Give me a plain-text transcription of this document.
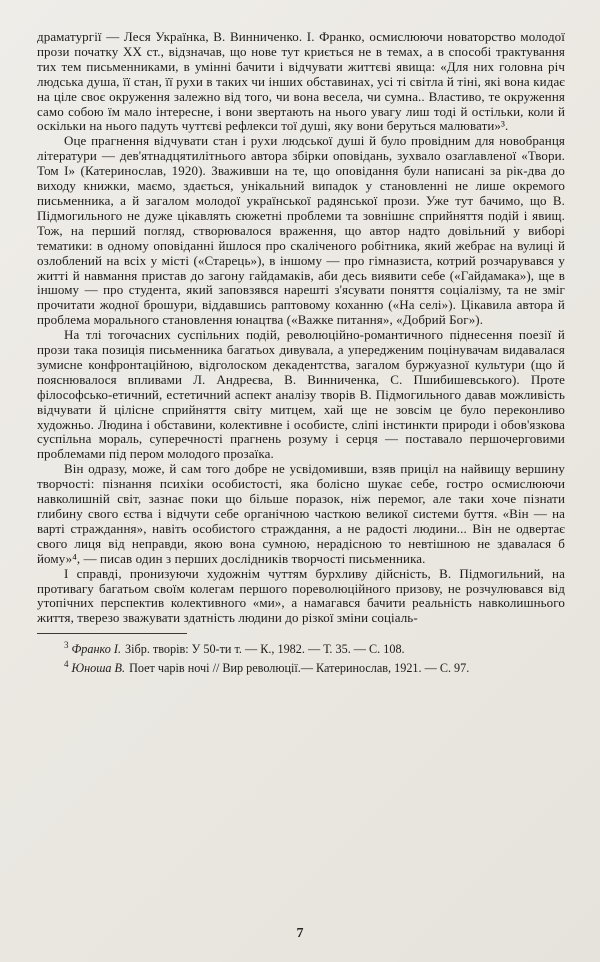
драматургії — Леся Українка, В. Винниченко. І. Франко, осмислюючи новаторство молодої прози початку XX ст., відзначав, що нове тут криється не в темах, а в способі трактування тих тем письменниками, в умінні бачити і відчувати життєві явища: «Для них головна річ людська душа, її стан, її рухи в таких чи інших обставинах, усі ті світла й тіні, які вона кидає на ціле своє окруження залежно від того, чи вона весела, чи сумна.. Властиво, те окруження само собою їм мало інтересне, і вони звертають на нього увагу лиш тоді й остільки, коли й оскільки на нього падуть чуттєві рефлекси тої душі, яку вони беруться малювати»³.

Оце прагнення відчувати стан і рухи людської душі й було провідним для новобранця літератури — дев'ятнадцятилітнього автора збірки оповідань, зухвало озаглавленої «Твори. Том I» (Катеринослав, 1920). Зваживши на те, що оповідання були написані за рік-два до виходу книжки, маємо, здається, унікальний випадок у становленні не лише окремого письменника, а й загалом молодої української радянської прози. Уже тут бачимо, що В. Підмогильного не дуже цікавлять сюжетні проблеми та зовнішнє сприйняття подій і явищ. Тож, на перший погляд, створювалося враження, що автор надто довільний у виборі тематики: в одному оповіданні йшлося про скаліченого робітника, який жебрає на вулиці й озлоблений на всіх у місті («Старець»), в іншому — про гімназиста, котрий розчарувався у житті й навмання пристав до загону гайдамаків, аби десь виявити себе («Гайдамака»), ще в іншому — про студента, який заповзявся нарешті з'ясувати поняття соціалізму, та не зміг прочитати жодної брошури, віддавшись раптовому коханню («На селі»). Цікавила автора й проблема морального становлення юнацтва («Важке питання», «Добрий Бог»).

На тлі тогочасних суспільних подій, революційно-романтичного піднесення поезії й прози така позиція письменника багатьох дивувала, а упередженим поцінувачам видавалася зумисне конфронтаційною, відголоском декадентства, загалом буржуазної культури (що й пояснювалося впливами Л. Андреєва, В. Винниченка, С. Пшибишевського). Проте філософсько-етичний, естетичний аспект аналізу творів В. Підмогильного давав можливість відчувати й цілісне сприйняття світу митцем, хай ще не зовсім це було переконливо художньо. Людина і обставини, колективне і особисте, сліпі інстинкти природи і обов'язкова суспільна мораль, суперечності прагнень розуму і серця — поставало першочерговими проблемами під пером молодого прозаїка.

Він одразу, може, й сам того добре не усвідомивши, взяв приціл на найвищу вершину творчості: пізнання психіки особистості, яка болісно шукає себе, гостро осмислюючи навколишній світ, зазнає поки що більше поразок, ніж перемог, але таки хоче пізнати глибину свого єства і відчути себе органічною часткою великої системи буття. «Він — на варті страждання», навіть особистого страждання, а не радості людини... Він не одвертає свого лиця від неправди, якою вона сумною, нерадісною то невтішною не здавалася б йому»⁴, — писав один з перших дослідників творчості письменника.

І справді, пронизуючи художнім чуттям бурхливу дійсність, В. Підмогильний, на противагу багатьом своїм колегам першого пореволюційного призову, не розчулювався від утопічних перспектив колективного «ми», а намагався бачити реальність навколишнього життя, тверезо зважувати здатність людини до різкої зміни соціаль-

$^3$ Франко І. Зібр. творів: У 50-ти т. — К., 1982. — Т. 35. — С. 108.

$^4$ Юноша В. Поет чарів ночі // Вир революції.— Катеринослав, 1921. — С. 97.

7
